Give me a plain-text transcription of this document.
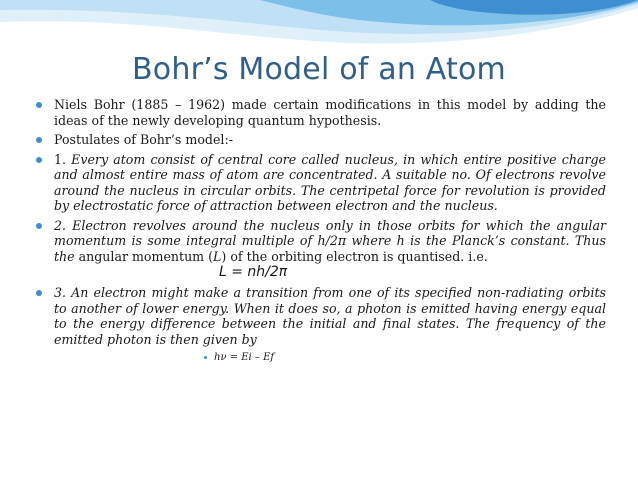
Bohr’s Model of an Atom
Niels Bohr (1885 – 1962) made certain modifications in this model by adding the ideas of the newly developing quantum hypothesis.
Postulates of Bohr’s model:-
1. Every atom consist of central core called nucleus, in which entire positive charge and almost entire mass of atom are concentrated. A suitable no. Of electrons revolve around the nucleus in circular orbits. The centripetal force for revolution is provided by electrostatic force of attraction between electron and the nucleus.
2. Electron revolves around the nucleus only in those orbits for which the angular momentum is some integral multiple of h/2π where h is the Planck’s constant. Thus the angular momentum (L) of the orbiting electron is quantised. i.e.
L = nh/2π
3. An electron might make a transition from one of its specified non-radiating orbits to another of lower energy. When it does so, a photon is emitted having energy equal to the energy difference between the initial and final states. The frequency of the emitted photon is then given by
hν = Ei – Ef
